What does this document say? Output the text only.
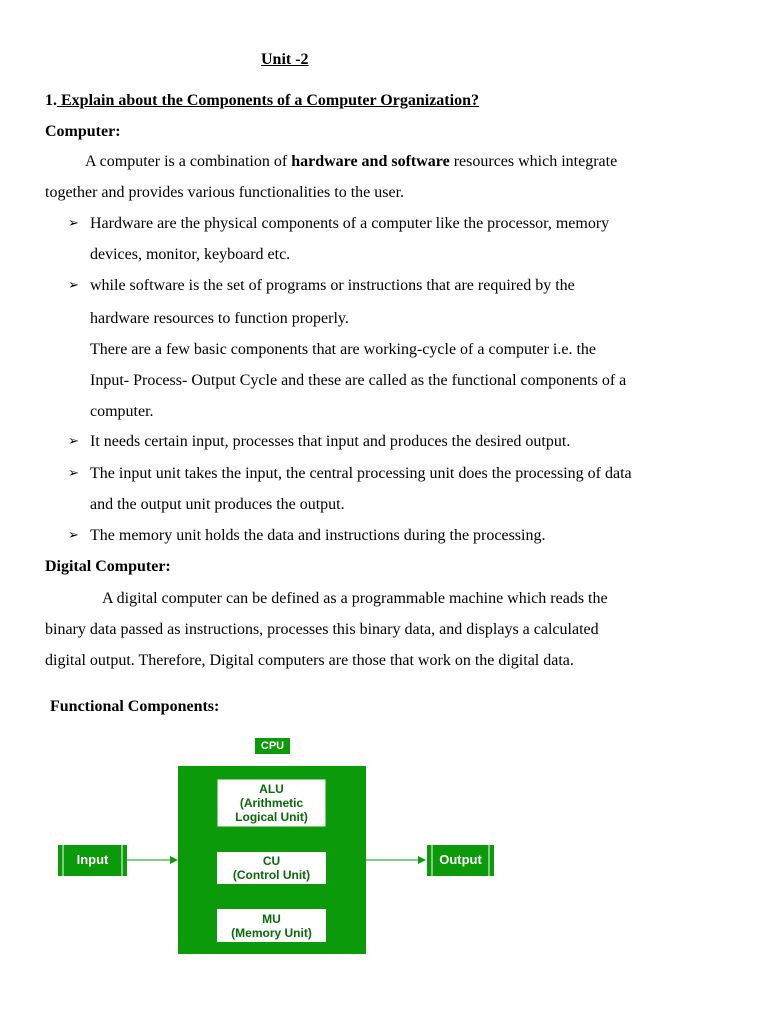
Unit -2
1. Explain about the Components of a Computer Organization?
Computer:
A computer is a combination of hardware and software resources which integrate
together and provides various functionalities to the user.
➢ Hardware are the physical components of a computer like the processor, memory
devices, monitor, keyboard etc.
➢ while software is the set of programs or instructions that are required by the
hardware resources to function properly.
There are a few basic components that are working-cycle of a computer i.e. the
Input- Process- Output Cycle and these are called as the functional components of a
computer.
➢ It needs certain input, processes that input and produces the desired output.
➢ The input unit takes the input, the central processing unit does the processing of data
and the output unit produces the output.
➢ The memory unit holds the data and instructions during the processing.
Digital Computer:
A digital computer can be defined as a programmable machine which reads the
binary data passed as instructions, processes this binary data, and displays a calculated
digital output. Therefore, Digital computers are those that work on the digital data.
Functional Components:
CPU
Input	Output
ALU
(Arithmetic
Logical Unit)
CU
(Control Unit)
MU
(Memory Unit)
